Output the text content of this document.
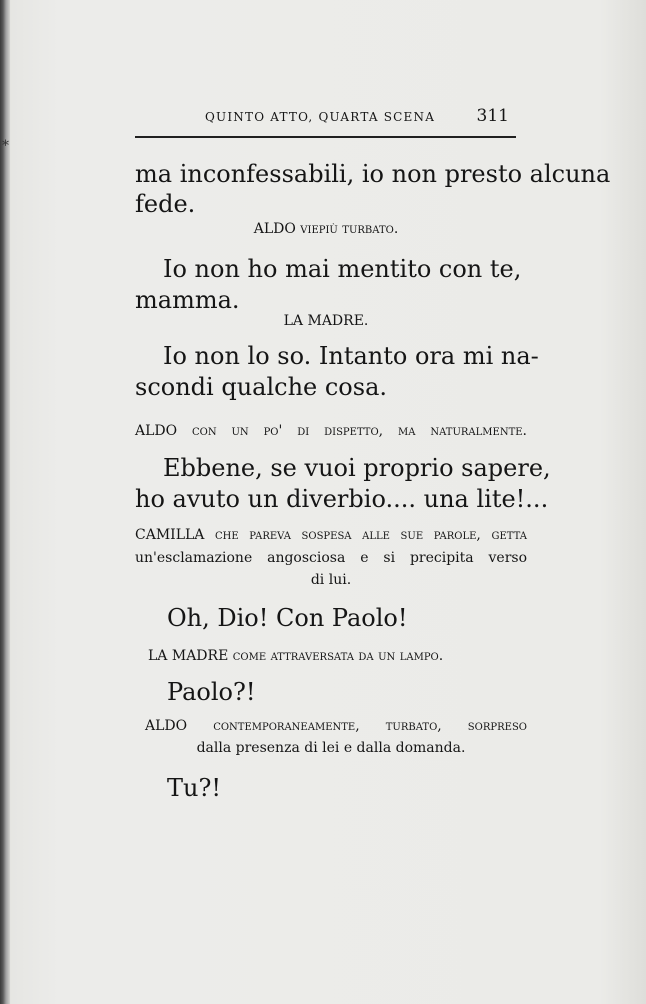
*
QUINTO ATTO, QUARTA SCENA 311
ma inconfessabili, io non presto alcuna
fede.
ALDO viepiù turbato.
Io non ho mai mentito con te,
mamma.
LA MADRE.
Io non lo so. Intanto ora mi na-
scondi qualche cosa.
ALDO con un po' di dispetto, ma naturalmente.
Ebbene, se vuoi proprio sapere,
ho avuto un diverbio.... una lite!...
CAMILLA che pareva sospesa alle sue parole, getta
un'esclamazione angosciosa e si precipita verso
di lui.
Oh, Dio! Con Paolo!
LA MADRE come attraversata da un lampo.
Paolo?!
ALDO contemporaneamente, turbato, sorpreso
dalla presenza di lei e dalla domanda.
Tu?!
